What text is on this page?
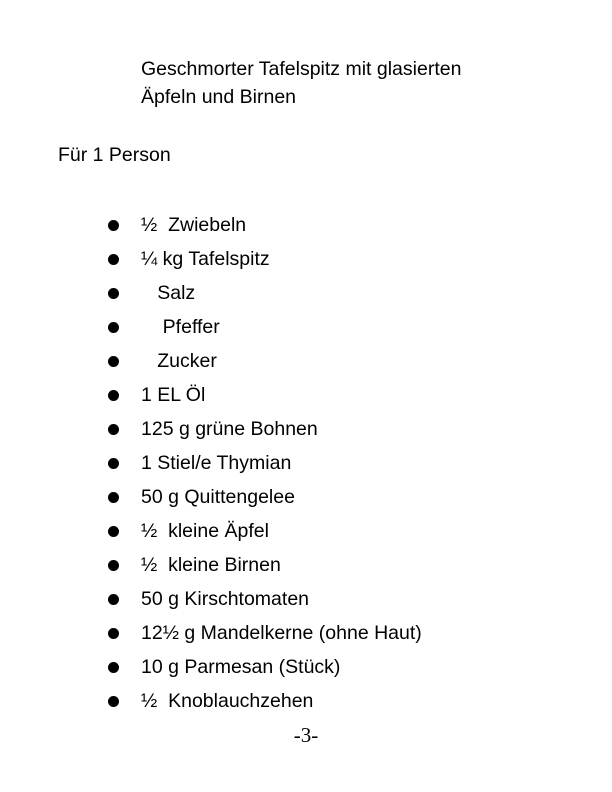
Geschmorter Tafelspitz mit glasierten
Äpfeln und Birnen
Für 1 Person
½  Zwiebeln
¼ kg Tafelspitz
Salz
Pfeffer
Zucker
1 EL Öl
125 g grüne Bohnen
1 Stiel/e Thymian
50 g Quittengelee
½  kleine Äpfel
½  kleine Birnen
50 g Kirschtomaten
12½ g Mandelkerne (ohne Haut)
10 g Parmesan (Stück)
½  Knoblauchzehen
-3-
